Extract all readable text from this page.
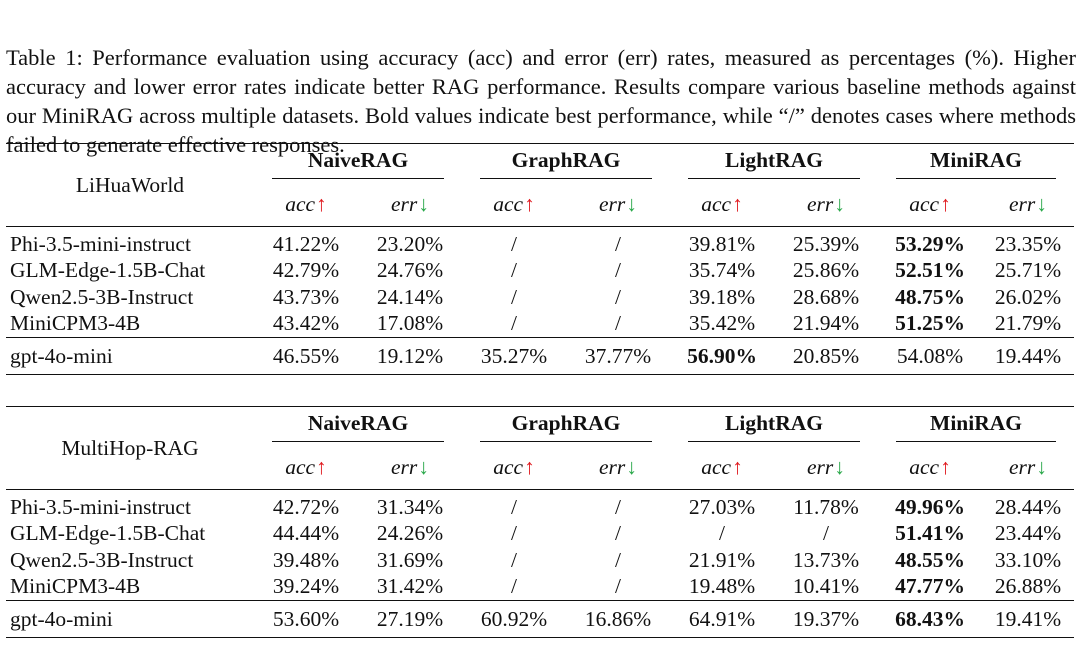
Table 1: Performance evaluation using accuracy (acc) and error (err) rates, measured as percentages (%). Higher accuracy and lower error rates indicate better RAG performance. Results compare various baseline methods against our MiniRAG across multiple datasets. Bold values indicate best performance, while “/” denotes cases where methods failed to generate effective responses.

LiHuaWorld	NaiveRAG		GraphRAG		LightRAG		MiniRAG	

	acc↑	err↓	acc↑	err↓	acc↑	err↓	acc↑	err↓
Phi-3.5-mini-instruct	41.22%	23.20%	/	/	39.81%	25.39%	53.29%	23.35%
GLM-Edge-1.5B-Chat	42.79%	24.76%	/	/	35.74%	25.86%	52.51%	25.71%
Qwen2.5-3B-Instruct	43.73%	24.14%	/	/	39.18%	28.68%	48.75%	26.02%
MiniCPM3-4B	43.42%	17.08%	/	/	35.42%	21.94%	51.25%	21.79%
gpt-4o-mini	46.55%	19.12%	35.27%	37.77%	56.90%	20.85%	54.08%	19.44%
MultiHop-RAG	NaiveRAG		GraphRAG		LightRAG		MiniRAG	

	acc↑	err↓	acc↑	err↓	acc↑	err↓	acc↑	err↓
Phi-3.5-mini-instruct	42.72%	31.34%	/	/	27.03%	11.78%	49.96%	28.44%
GLM-Edge-1.5B-Chat	44.44%	24.26%	/	/	/	/	51.41%	23.44%
Qwen2.5-3B-Instruct	39.48%	31.69%	/	/	21.91%	13.73%	48.55%	33.10%
MiniCPM3-4B	39.24%	31.42%	/	/	19.48%	10.41%	47.77%	26.88%
gpt-4o-mini	53.60%	27.19%	60.92%	16.86%	64.91%	19.37%	68.43%	19.41%
